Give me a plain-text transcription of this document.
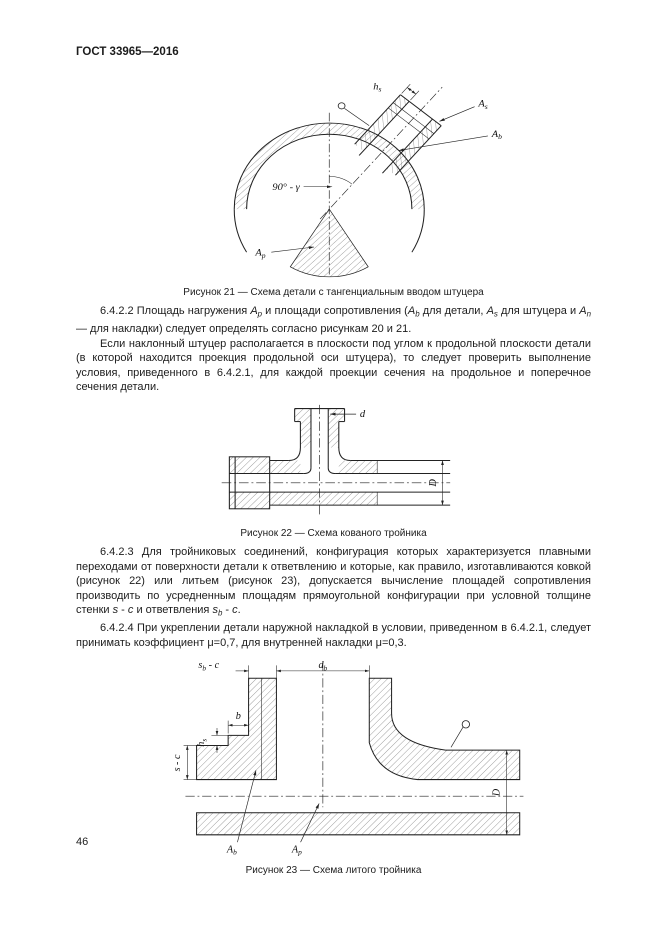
ГОСТ 33965—2016
$h_s$
$A_s$
$A_b$
90° - γ
$A_p$
Рисунок 21 — Схема детали с тангенциальным вводом штуцера

6.4.2.2 Площадь нагружения $A_p$ и площади сопротивления ($A_b$ для детали, $A_s$ для штуцера и $A_n$ — для накладки) следует определять согласно рисункам 20 и 21.

Если наклонный штуцер располагается в плоскости под углом к продольной плоскости детали (в которой находится проекция продольной оси штуцера), то следует проверить выполнение условия, приведенного в 6.4.2.1, для каждой проекции сечения на продольное и поперечное сечения детали.

d
D
Рисунок 22 — Схема кованого тройника

6.4.2.3 Для тройниковых соединений, конфигурация которых характеризуется плавными переходами от поверхности детали к ответвлению и которые, как правило, изготавливаются ковкой (рисунок 22) или литьем (рисунок 23), допускается вычисление площадей сопротивления производить по усредненным площадям прямоугольной конфигурации при условной толщине стенки s - c и ответвления $s_b$ - c.

6.4.2.4 При укреплении детали наружной накладкой в условии, приведенном в 6.4.2.1, следует принимать коэффициент μ=0,7, для внутренней накладки μ=0,3.

$s_b$ - c	$d_b$
b
$h_s$
s - c
D
$A_b$	$A_p$
Рисунок 23 — Схема литого тройника
46
